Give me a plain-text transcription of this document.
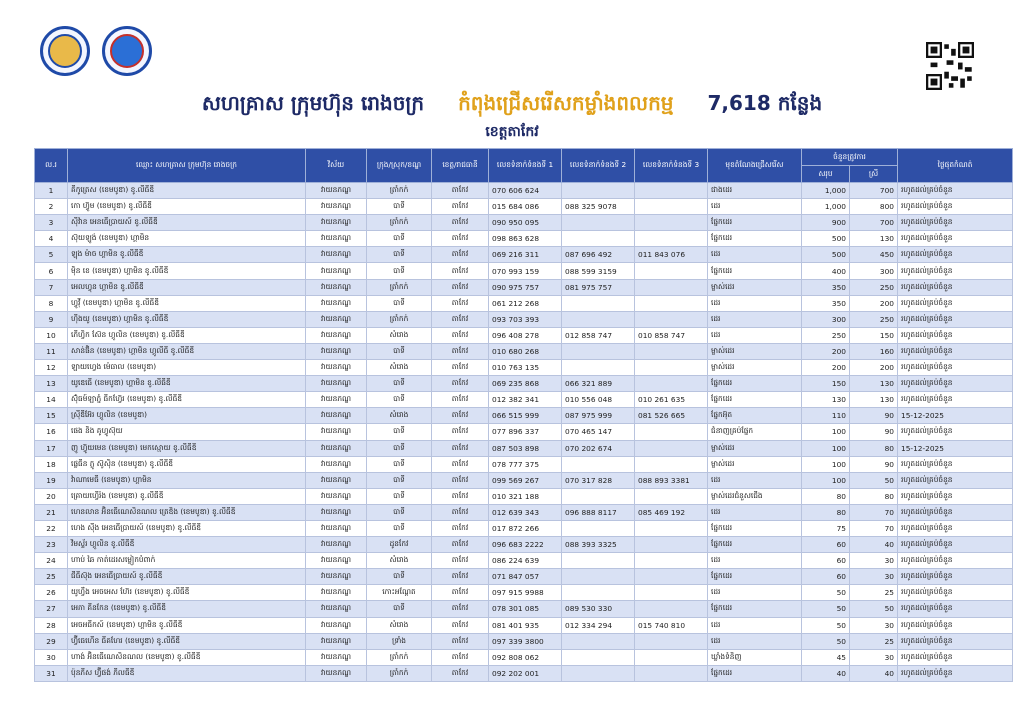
សហគ្រាស ក្រុមហ៊ុន រោងចក្រ កំពុងជ្រើសរើសកម្លាំងពលកម្ម 7,618 កន្លែង
ខេត្តតាកែវ
ល.រ	ឈ្មោះ សហគ្រាស ក្រុមហ៊ុន រោងចក្រ	វិស័យ	ក្រុង/ស្រុក/ខណ្ឌ	ខេត្ត/រាជធានី	លេខទំនាក់ទំនងទី 1	លេខទំនាក់ទំនងទី 2	លេខទំនាក់ទំនងទី 3	មុខតំណែងជ្រើសរើស	ចំនួនត្រូវការ		ថ្ងៃផុតកំណត់
									សរុប	ស្រី	
1	គីកូត្រេស (ខេមបូឌា) ខូ.លីធីឌី	វាយនភណ្ឌ	ត្រាំកក់	តាកែវ	070 606 624			ជាងដេរ	1,000	700	រហូតដល់គ្រប់ចំនួន
2	កោ ហ៊្វូម (ខេមបូឌា) ខូ.លីធីឌី	វាយនភណ្ឌ	បាទី	តាកែវ	015 684 086	088 325 9078		ដេរ	1,000	800	រហូតដល់គ្រប់ចំនួន
3	ស៊ីវ៉ាន អេនធើប្រាយស៍ ខូ.លីធីឌី	វាយនភណ្ឌ	ត្រាំកក់	តាកែវ	090 950 095			ផ្នែកដេរ	900	700	រហូតដល់គ្រប់ចំនួន
4	ស៊ុយឡូង់ (ខេមបូឌា) ហ្គាមិន	វាយនភណ្ឌ	បាទី	តាកែវ	098 863 628			ផ្នែកដេរ	500	130	រហូតដល់គ្រប់ចំនួន
5	ឡុង ម៉ាច ហ្គាមិន ខូ.លីធីឌី	វាយនភណ្ឌ	បាទី	តាកែវ	069 216 311	087 696 492	011 843 076	ដេរ	500	450	រហូតដល់គ្រប់ចំនួន
6	ម៉ិន ខេ (ខេមបូឌា) ហ្គាមិន ខូ.លីធីឌី	វាយនភណ្ឌ	បាទី	តាកែវ	070 993 159	088 599 3159		ផ្នែកដេរ	400	300	រហូតដល់គ្រប់ចំនួន
7	អេលហ្វុន ហ្គាមិន ខូ.លីធីឌី	វាយនភណ្ឌ	ត្រាំកក់	តាកែវ	090 975 757	081 975 757		ម្ចាស់ដេរ	350	250	រហូតដល់គ្រប់ចំនួន
8	ហ្វូវ៉ី (ខេមបូឌា) ហ្គាមិន ខូ.លីធីឌី	វាយនភណ្ឌ	បាទី	តាកែវ	061 212 268			ដេរ	350	200	រហូតដល់គ្រប់ចំនួន
9	ហ៊ីងយូ (ខេមបូឌា) ហ្គាមិន ខូ.លីធីឌី	វាយនភណ្ឌ	ត្រាំកក់	តាកែវ	093 703 393			ដេរ	300	250	រហូតដល់គ្រប់ចំនួន
10	ភើហ្វិក ស៊ែន ហ្គូលិន (ខេមបូឌា) ខូ.លីធីឌី	វាយនភណ្ឌ	សំរោង	តាកែវ	096 408 278	012 858 747	010 858 747	ដេរ	250	150	រហូតដល់គ្រប់ចំនួន
11	សាន់ផ៊ិន (ខេមបូឌា) ហ្គាមិន ហ្គូលីធី ខូ.លីធីឌី	វាយនភណ្ឌ	បាទី	តាកែវ	010 680 268			ម្ចាស់ដេរ	200	160	រហូតដល់គ្រប់ចំនួន
12	ឡាយហ្វេង ម៉េធាល (ខេមបូឌា)	វាយនភណ្ឌ	សំរោង	តាកែវ	010 763 135			ម្ចាស់ដេរ	200	200	រហូតដល់គ្រប់ចំនួន
13	យូឌេធើ (ខេមបូឌា) ហ្គាមិន ខូ.លីធីឌី	វាយនភណ្ឌ	បាទី	តាកែវ	069 235 868	066 321 889		ផ្នែកដេរ	150	130	រហូតដល់គ្រប់ចំនួន
14	ស៊ុំធម៍ឡាភ្នំ ធីកហ្វ៊ែរ (ខេមបូឌា) ខូ.លីធីឌី	វាយនភណ្ឌ	បាទី	តាកែវ	012 382 341	010 556 048	010 261 635	ផ្នែកដេរ	130	130	រហូតដល់គ្រប់ចំនួន
15	ស៊្រីឌីអ៊ែរ ហ្គូលិន (ខេមបូឌា)	វាយនភណ្ឌ	សំរោង	តាកែវ	066 515 999	087 975 999	081 526 665	ផ្នែកអ៊ុត	110	90	15-12-2025
16	ផេង និង គូហ្វូស៊ុយ	វាយនភណ្ឌ	បាទី	តាកែវ	077 896 337	070 465 147		ជំនាញគ្រប់ផ្នែក	100	90	រហូតដល់គ្រប់ចំនួន
17	ញូ ហ៊្វូយមេន (ខេមបូឌា) មេកស្មោយ ខូ.លីធីឌី	វាយនភណ្ឌ	បាទី	តាកែវ	087 503 898	070 202 674		ម្ចាស់ដេរ	100	80	15-12-2025
18	ផ្លេធីន ភ្លូ ស៊ូស៊ិន (ខេមបូឌា) ខូ.លីធីឌី	វាយនភណ្ឌ	បាទី	តាកែវ	078 777 375			ម្ចាស់ដេរ	100	90	រហូតដល់គ្រប់ចំនួន
19	វ៉ាណាមេធី (ខេមបូឌា) ហ្គាមិន	វាយនភណ្ឌ	បាទី	តាកែវ	099 569 267	070 317 828	088 893 3381	ដេរ	100	50	រហូតដល់គ្រប់ចំនួន
20	គ្រោយហ្វើរ៉ង (ខេមបូឌា) ខូ.លីធីឌី	វាយនភណ្ឌ	បាទី	តាកែវ	010 321 188			ម្ចាស់ដេរជំនួសជើង	80	80	រហូតដល់គ្រប់ចំនួន
21	ហេនលាន អ៊ិនធើណេសិនណល ត្រេឌិង (ខេមបូឌា) ខូ.លីធីឌី	វាយនភណ្ឌ	បាទី	តាកែវ	012 639 343	096 888 8117	085 469 192	ដេរ	80	70	រហូតដល់គ្រប់ចំនួន
22	ហេង ស៊ីង អេនធើប្រាយស៍ (ខេមបូឌា) ខូ.លីធីឌី	វាយនភណ្ឌ	បាទី	តាកែវ	017 872 266			ផ្នែកដេរ	75	70	រហូតដល់គ្រប់ចំនួន
23	វិមស្ទ័រ ហ្គូលិន ខូ.លីធីឌី	វាយនភណ្ឌ	ដូនកែវ	តាកែវ	096 683 2222	088 393 3325		ផ្នែកដេរ	60	40	រហូតដល់គ្រប់ចំនួន
24	ហាប់ ឆៃ កាត់ដេរសម្លៀកបំពាក់	វាយនភណ្ឌ	សំរោង	តាកែវ	086 224 639			ដេរ	60	30	រហូតដល់គ្រប់ចំនួន
25	ជីធីស៊ុង អេនធើប្រាយស៍ ខូ.លីធីឌី	វាយនភណ្ឌ	បាទី	តាកែវ	071 847 057			ផ្នែកដេរ	60	30	រហូតដល់គ្រប់ចំនួន
26	យូហ្វឺង អេចអេស ហ៊ែរ (ខេមបូឌា) ខូ.លីធីឌី	វាយនភណ្ឌ	កោះអណ្ដែត	តាកែវ	097 915 9988			ដេរ	50	25	រហូតដល់គ្រប់ចំនួន
27	អេភា គីនកែន (ខេមបូឌា) ខូ.លីធីឌី	វាយនភណ្ឌ	បាទី	តាកែវ	078 301 085	089 530 330		ផ្នែកដេរ	50	50	រហូតដល់គ្រប់ចំនួន
28	អេចអធីកស៍ (ខេមបូឌា) ហ្គាមិន ខូ.លីធីឌី	វាយនភណ្ឌ	សំរោង	តាកែវ	081 401 935	012 334 294	015 740 810	ដេរ	50	30	រហូតដល់គ្រប់ចំនួន
29	ហ្វ៊ីធេហើន ធីគហែរ (ខេមបូឌា) ខូ.លីធីឌី	វាយនភណ្ឌ	ទ្រាំង	តាកែវ	097 339 3800			ដេរ	50	25	រហូតដល់គ្រប់ចំនួន
30	ហាង់ អ៊ិនធើណេសិនណល (ខេមបូឌា) ខូ.លីធីឌី	វាយនភណ្ឌ	ត្រាំកក់	តាកែវ	092 808 062			ឃ្លាំងទំនិញ	45	30	រហូតដល់គ្រប់ចំនួន
31	ប៉ុនភីស ហ្វ៊ីផង់ ភីលធីឌី	វាយនភណ្ឌ	ត្រាំកក់	តាកែវ	092 202 001			ផ្នែកដេរ	40	40	រហូតដល់គ្រប់ចំនួន
